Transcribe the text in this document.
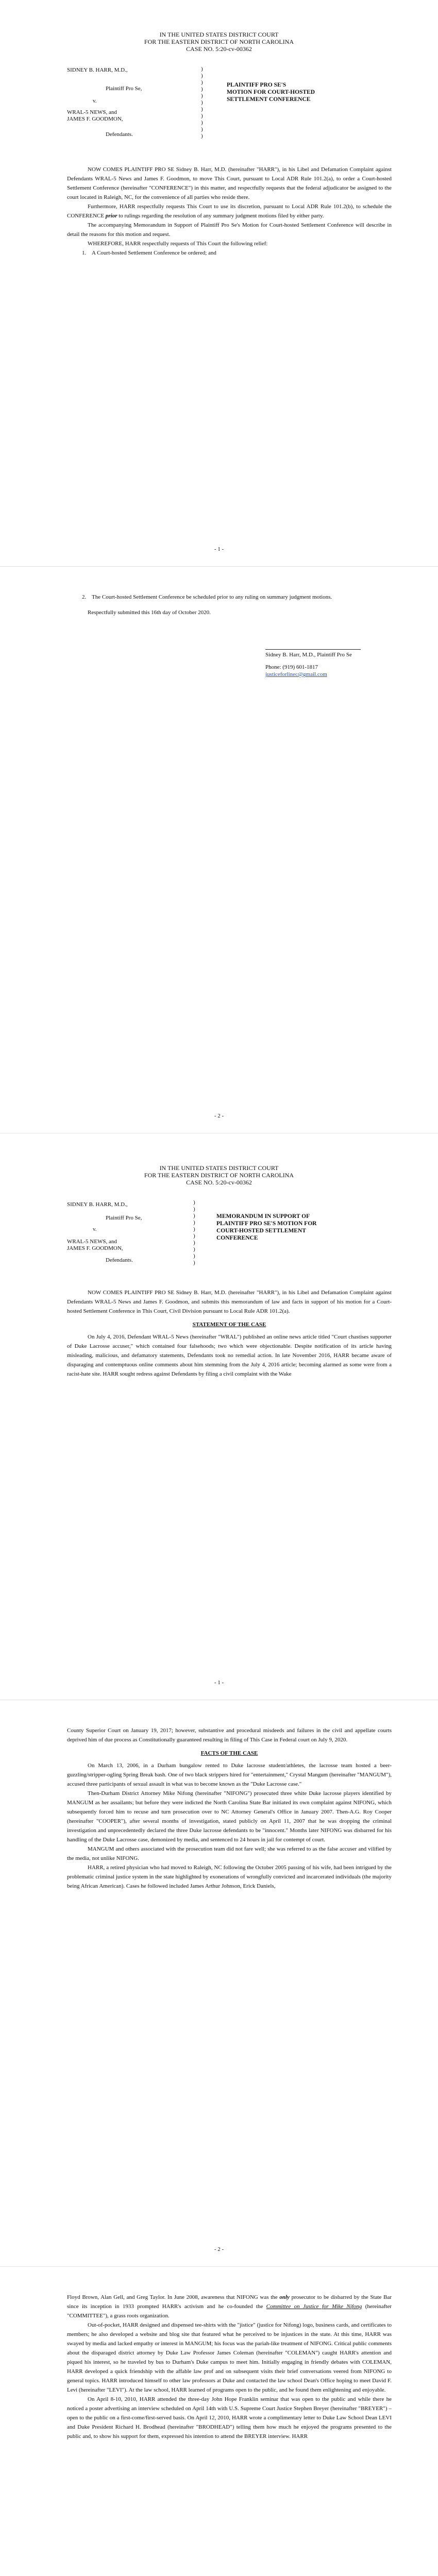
IN THE UNITED STATES DISTRICT COURT
FOR THE EASTERN DISTRICT OF NORTH CAROLINA
CASE NO. 5:20-cv-00362
SIDNEY B. HARR, M.D.,
Plaintiff Pro Se,
v.
WRAL-5 NEWS, and
JAMES F. GOODMON,
Defendants.
)
)
)
)
)
)
)
)
)
)
)
PLAINTIFF PRO SE'S
MOTION FOR COURT-HOSTED
SETTLEMENT CONFERENCE

NOW COMES PLAINTIFF PRO SE Sidney B. Harr, M.D. (hereinafter "HARR"), in his Libel and Defamation Complaint against Defendants WRAL-5 News and James F. Goodmon, to move This Court, pursuant to Local ADR Rule 101.2(a), to order a Court-hosted Settlement Conference (hereinafter "CONFERENCE") in this matter, and respectfully requests that the federal adjudicator be assigned to the court located in Raleigh, NC, for the convenience of all parties who reside there.

Furthermore, HARR respectfully requests This Court to use its discretion, pursuant to Local ADR Rule 101.2(b), to schedule the CONFERENCE prior to rulings regarding the resolution of any summary judgment motions filed by either party.

The accompanying Memorandum in Support of Plaintiff Pro Se's Motion for Court-hosted Settlement Conference will describe in detail the reasons for this motion and request.

WHEREFORE, HARR respectfully requests of This Court the following relief:

1. A Court-hosted Settlement Conference be ordered; and
- 1 -
2. The Court-hosted Settlement Conference be scheduled prior to any ruling on summary judgment motions.

Respectfully submitted this 16th day of October 2020.

Sidney B. Harr, M.D., Plaintiff Pro Se
Phone: (919) 601-1817
justiceforlinec@gmail.com
- 2 -
IN THE UNITED STATES DISTRICT COURT
FOR THE EASTERN DISTRICT OF NORTH CAROLINA
CASE NO. 5:20-cv-00362
SIDNEY B. HARR, M.D.,
Plaintiff Pro Se,
v.
WRAL-5 NEWS, and
JAMES F. GOODMON,
Defendants.
)
)
)
)
)
)
)
)
)
)
MEMORANDUM IN SUPPORT OF
PLAINTIFF PRO SE'S MOTION FOR
COURT-HOSTED SETTLEMENT
CONFERENCE

NOW COMES PLAINTIFF PRO SE Sidney B. Harr, M.D. (hereinafter "HARR"), in his Libel and Defamation Complaint against Defendants WRAL-5 News and James F. Goodmon, and submits this memorandum of law and facts in support of his motion for a Court-hosted Settlement Conference in This Court, Civil Division pursuant to Local Rule ADR 101.2(a).

STATEMENT OF THE CASE

On July 4, 2016, Defendant WRAL-5 News (hereinafter "WRAL") published an online news article titled "Court chastises supporter of Duke Lacrosse accuser," which contained four falsehoods; two which were objectionable. Despite notification of its article having misleading, malicious, and defamatory statements, Defendants took no remedial action. In late November 2016, HARR became aware of disparaging and contemptuous online comments about him stemming from the July 4, 2016 article; becoming alarmed as some were from a racist-hate site. HARR sought redress against Defendants by filing a civil complaint with the Wake

- 1 -

County Superior Court on January 19, 2017; however, substantive and procedural misdeeds and failures in the civil and appellate courts deprived him of due process as Constitutionally guaranteed resulting in filing of This Case in Federal court on July 9, 2020.

FACTS OF THE CASE

On March 13, 2006, in a Durham bungalow rented to Duke lacrosse student/athletes, the lacrosse team hosted a beer-guzzling/stripper-ogling Spring Break bash. One of two black strippers hired for "entertainment," Crystal Mangum (hereinafter "MANGUM"), accused three participants of sexual assault in what was to become known as the "Duke Lacrosse case."

Then-Durham District Attorney Mike Nifong (hereinafter "NIFONG") prosecuted three white Duke lacrosse players identified by MANGUM as her assailants; but before they were indicted the North Carolina State Bar initiated its own complaint against NIFONG, which subsequently forced him to recuse and turn prosecution over to NC Attorney General's Office in January 2007. Then-A.G. Roy Cooper (hereinafter "COOPER"), after several months of investigation, stated publicly on April 11, 2007 that he was dropping the criminal investigation and unprecedentedly declared the three Duke lacrosse defendants to be "innocent." Months later NIFONG was disbarred for his handling of the Duke Lacrosse case, demonized by media, and sentenced to 24 hours in jail for contempt of court.

MANGUM and others associated with the prosecution team did not fare well; she was referred to as the false accuser and vilified by the media, not unlike NIFONG.

HARR, a retired physician who had moved to Raleigh, NC following the October 2005 passing of his wife, had been intrigued by the problematic criminal justice system in the state highlighted by exonerations of wrongfully convicted and incarcerated individuals (the majority being African American). Cases he followed included James Arthur Johnson, Erick Daniels,

- 2 -

Floyd Brown, Alan Gell, and Greg Taylor. In June 2008, awareness that NIFONG was the only prosecutor to be disbarred by the State Bar since its inception in 1933 prompted HARR's activism and he co-founded the Committee on Justice for Mike Nifong (hereinafter "COMMITTEE"), a grass roots organization.

Out-of-pocket, HARR designed and dispensed tee-shirts with the "jistice" (justice for Nifong) logo, business cards, and certificates to members; he also developed a website and blog site that featured what he perceived to be injustices in the state. At this time, HARR was swayed by media and lacked empathy or interest in MANGUM; his focus was the pariah-like treatment of NIFONG. Critical public comments about the disparaged district attorney by Duke Law Professor James Coleman (hereinafter "COLEMAN") caught HARR's attention and piqued his interest, so he traveled by bus to Durham's Duke campus to meet him. Initially engaging in friendly debates with COLEMAN, HARR developed a quick friendship with the affable law prof and on subsequent visits their brief conversations veered from NIFONG to general topics. HARR introduced himself to other law professors at Duke and contacted the law school Dean's Office hoping to meet David F. Levi (hereinafter "LEVI"). At the law school, HARR learned of programs open to the public, and he found them enlightening and enjoyable.

On April 8-10, 2010, HARR attended the three-day John Hope Franklin seminar that was open to the public and while there he noticed a poster advertising an interview scheduled on April 14th with U.S. Supreme Court Justice Stephen Breyer (hereinafter "BREYER") – open to the public on a first-come/first-served basis. On April 12, 2010, HARR wrote a complimentary letter to Duke Law School Dean LEVI and Duke President Richard H. Brodhead (hereinafter "BRODHEAD") telling them how much he enjoyed the programs presented to the public and, to show his support for them, expressed his intention to attend the BREYER interview. HARR
